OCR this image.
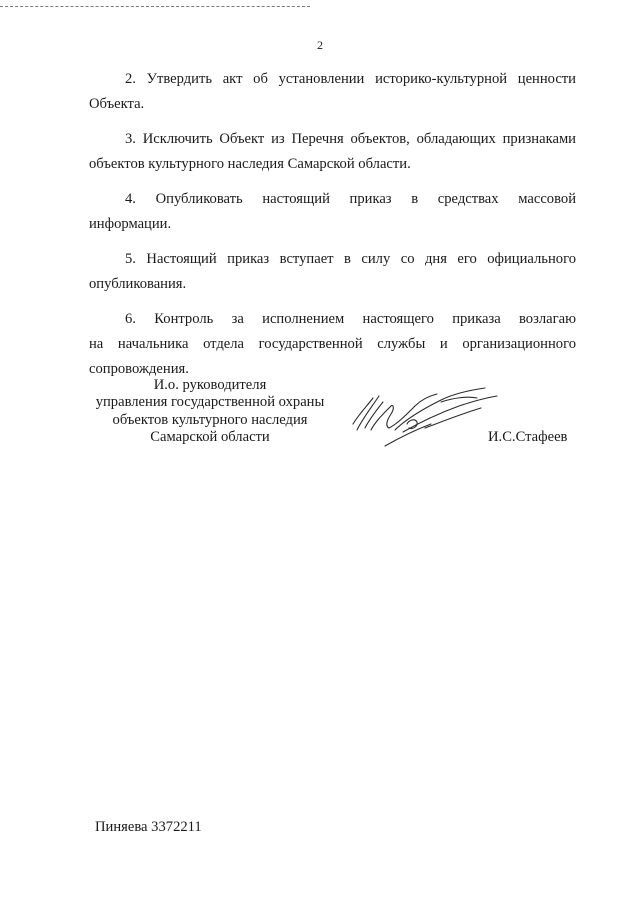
2

2. Утвердить акт об установлении историко-культурной ценности

Объекта.

3. Исключить Объект из Перечня объектов, обладающих признаками

объектов культурного наследия Самарской области.

4. Опубликовать настоящий приказ в средствах массовой

информации.

5. Настоящий приказ вступает в силу со дня его официального

опубликования.

6. Контроль за исполнением настоящего приказа возлагаю

на начальника отдела государственной службы и организационного

сопровождения.

И.о. руководителя
управления государственной охраны
объектов культурного наследия
Самарской области	И.С.Стафеев
Пиняева 3372211
